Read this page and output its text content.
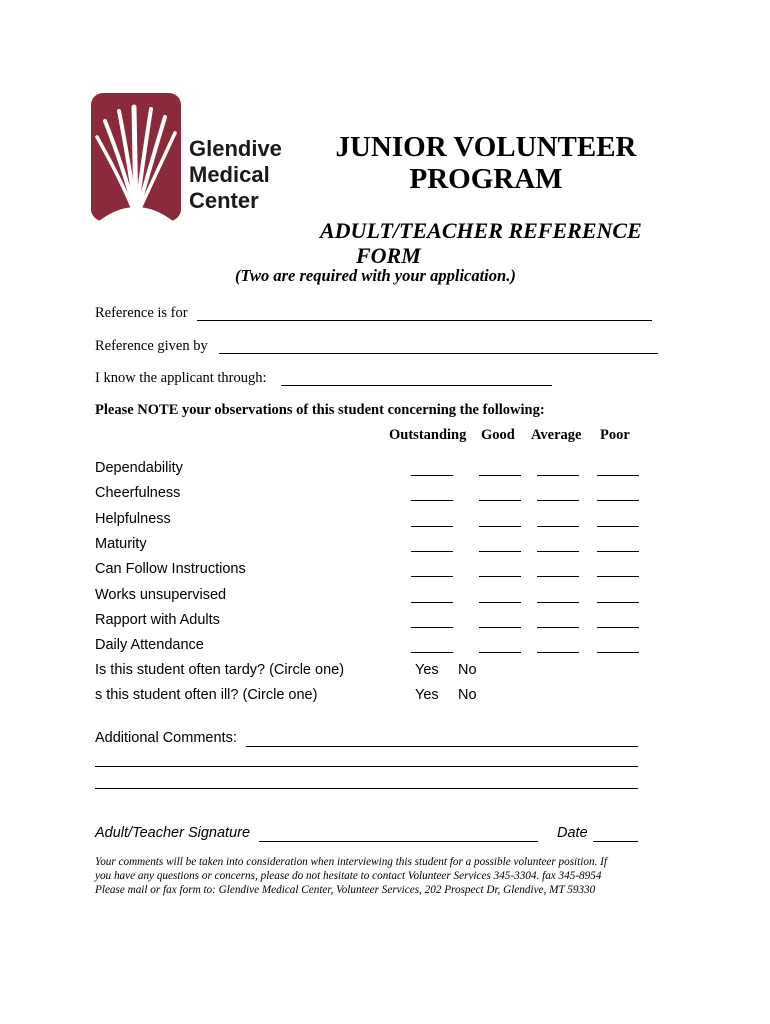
Glendive
Medical
Center
JUNIOR VOLUNTEER
PROGRAM
ADULT/TEACHER REFERENCE
FORM
(Two are required with your application.)
Reference is for
Reference given by
I know the applicant through:
Please NOTE your observations of this student concerning the following:
Outstanding Good Average Poor
Dependability
Cheerfulness
Helpfulness
Maturity
Can Follow Instructions
Works unsupervised
Rapport with Adults
Daily Attendance
Is this student often tardy? (Circle one)	Yes No
s this student often ill? (Circle one)	Yes No
Additional Comments:
Adult/Teacher Signature	Date
Your comments will be taken into consideration when interviewing this student for a possible volunteer position. If
you have any questions or concerns, please do not hesitate to contact Volunteer Services 345-3304. fax 345-8954
Please mail or fax form to: Glendive Medical Center, Volunteer Services, 202 Prospect Dr, Glendive, MT 59330
